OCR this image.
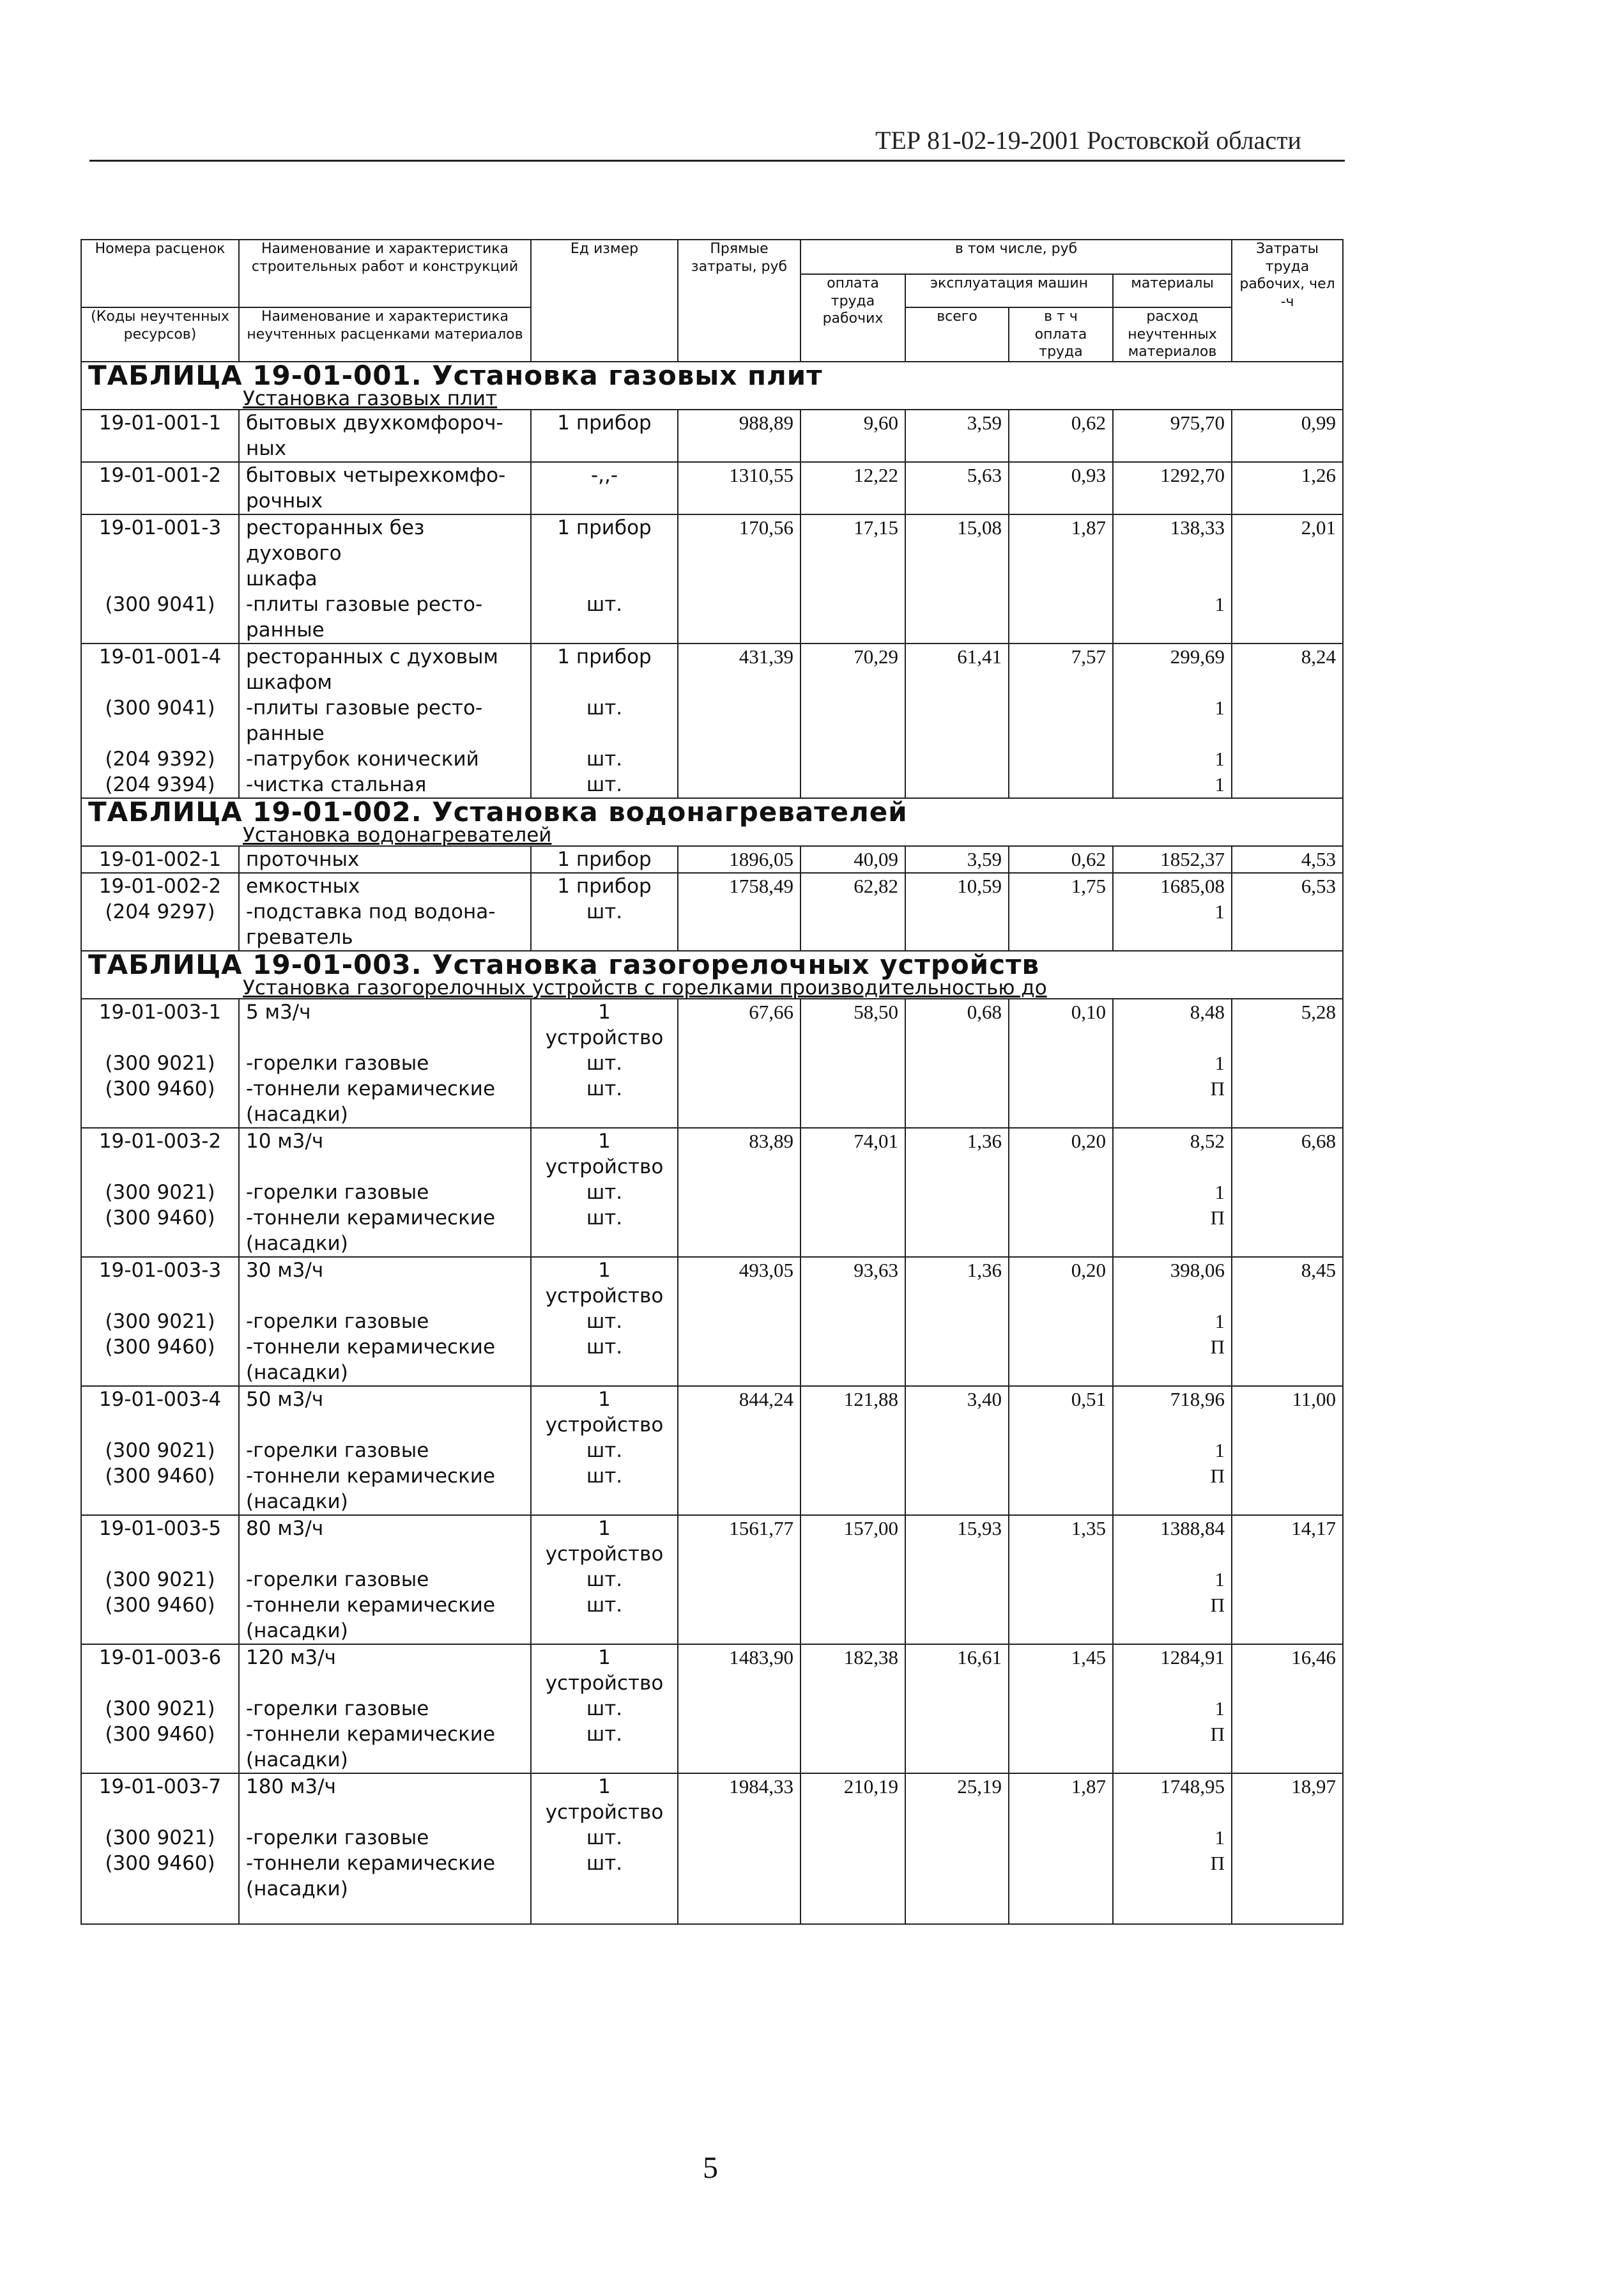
ТЕР 81-02-19-2001 Ростовской области
Номера расценок	Наименование и характеристика строительных работ и конструкций	Ед измер	Прямые затраты, руб	в том числе, руб				Затраты труда рабочих, чел -ч
				оплата труда рабочих	эксплуатация машин		материалы	
(Коды неучтенных ресурсов)	Наименование и характеристика неучтенных расценками материалов				всего	в т ч оплата труда	расход неучтенных материалов	

ТАБЛИЦА 19-01-001. Установка газовых плит								
	Установка газовых плит							
19-01-001-1	бытовых двухкомфороч-
ных	1 прибор	988,89	9,60	3,59	0,62	975,70	0,99
19-01-001-2	бытовых четырехкомфо-
рочных	-,,-	1310,55	12,22	5,63	0,93	1292,70	1,26
19-01-001-3	ресторанных без духового
шкафа	1 прибор	170,56	17,15	15,08	1,87	138,33	2,01
(300 9041)	-плиты газовые ресто-
ранные	шт.					1	
19-01-001-4	ресторанных с духовым
шкафом	1 прибор	431,39	70,29	61,41	7,57	299,69	8,24
(300 9041)	-плиты газовые ресто-
ранные	шт.					1	
(204 9392)	-патрубок конический	шт.					1	
(204 9394)	-чистка стальная	шт.					1	
ТАБЛИЦА 19-01-002. Установка водонагревателей								
	Установка водонагревателей							
19-01-002-1	проточных	1 прибор	1896,05	40,09	3,59	0,62	1852,37	4,53
19-01-002-2	емкостных	1 прибор	1758,49	62,82	10,59	1,75	1685,08	6,53
(204 9297)	-подставка под водона-
греватель	шт.					1	
ТАБЛИЦА 19-01-003. Установка газогорелочных устройств								
	Установка газогорелочных устройств с горелками производительностью до							
19-01-003-1	5 м3/ч	1 устройство	67,66	58,50	0,68	0,10	8,48	5,28
(300 9021)	-горелки газовые	шт.					1	
(300 9460)	-тоннели керамические
(насадки)	шт.					П	
19-01-003-2	10 м3/ч	1 устройство	83,89	74,01	1,36	0,20	8,52	6,68
(300 9021)	-горелки газовые	шт.					1	
(300 9460)	-тоннели керамические
(насадки)	шт.					П	
19-01-003-3	30 м3/ч	1 устройство	493,05	93,63	1,36	0,20	398,06	8,45
(300 9021)	-горелки газовые	шт.					1	
(300 9460)	-тоннели керамические
(насадки)	шт.					П	
19-01-003-4	50 м3/ч	1 устройство	844,24	121,88	3,40	0,51	718,96	11,00
(300 9021)	-горелки газовые	шт.					1	
(300 9460)	-тоннели керамические
(насадки)	шт.					П	
19-01-003-5	80 м3/ч	1 устройство	1561,77	157,00	15,93	1,35	1388,84	14,17
(300 9021)	-горелки газовые	шт.					1	
(300 9460)	-тоннели керамические
(насадки)	шт.					П	
19-01-003-6	120 м3/ч	1 устройство	1483,90	182,38	16,61	1,45	1284,91	16,46
(300 9021)	-горелки газовые	шт.					1	
(300 9460)	-тоннели керамические
(насадки)	шт.					П	
19-01-003-7	180 м3/ч	1 устройство	1984,33	210,19	25,19	1,87	1748,95	18,97
(300 9021)	-горелки газовые	шт.					1	
(300 9460)	-тоннели керамические
(насадки)	шт.					П	

5
